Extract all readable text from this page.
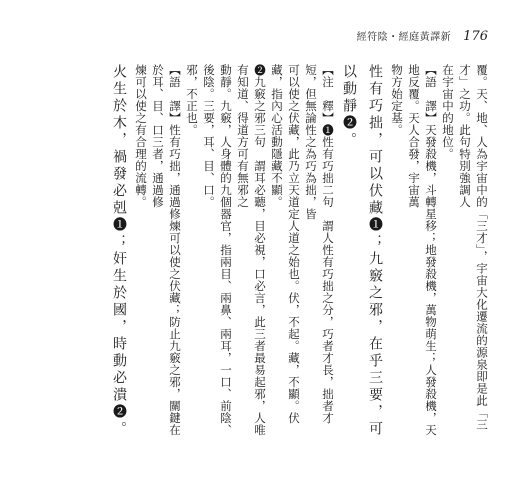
經符陰・經庭黃譯新 176
覆。天、地、人為宇宙中的「三才」，宇宙大化遷流的源泉即是此「三才」之功。此句特別強調人
在宇宙中的地位。
【語　譯】天發殺機，斗轉星移；地發殺機，萬物萌生；人發殺機，天地反覆。天人合發，宇宙萬
物方始定基。
性有巧拙，可以伏藏❶；九竅之邪，在乎三要，可以動靜❷。
【注　釋】❶性有巧拙二句　謂人性有巧拙之分，巧者才長，拙者才短，但無論性之為巧為拙，皆
可以使之伏藏，此乃立天道定人道之始也。伏，不起。藏，不顯。伏藏，指內心活動隱藏不顯。
❷九竅之邪三句　謂耳必聽，目必視，口必言，此三者最易起邪，人唯有知道、得道方可有無邪之
動靜。九竅，人身體的九個器官，指兩目、兩鼻、兩耳，一口、前陰、後陰。三要，耳、目、口。
邪，不正也。
【語　譯】性有巧拙，通過修煉可以使之伏藏；防止九竅之邪，關鍵在於耳、目、口三者，通過修
煉可以使之有合理的流轉。
火生於木，禍發必剋❶；奸生於國，時動必潰❷。
